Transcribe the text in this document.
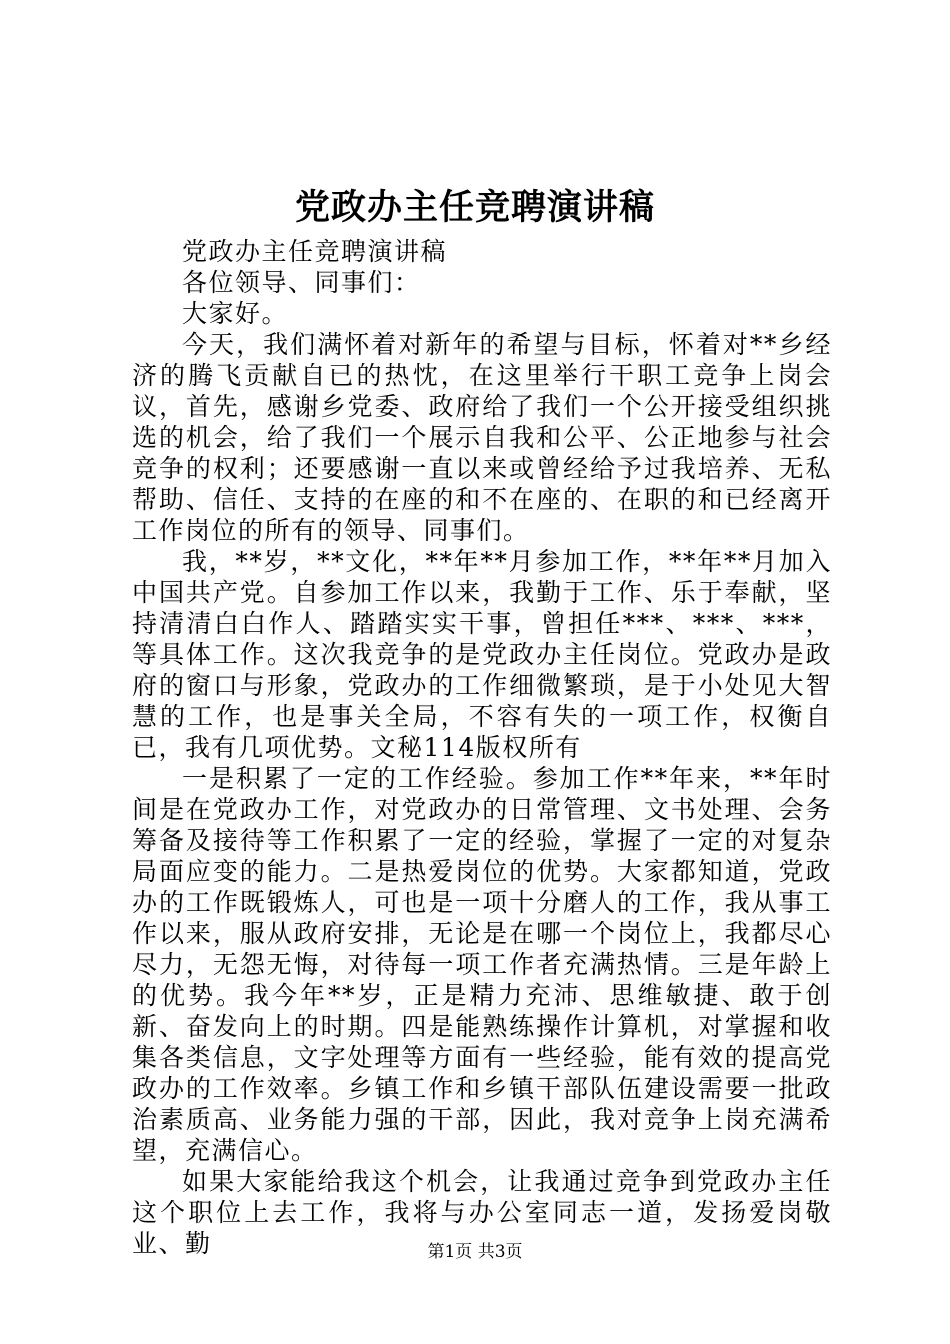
党政办主任竞聘演讲稿

党政办主任竞聘演讲稿

各位领导、同事们：

大家好。

今天，我们满怀着对新年的希望与目标，怀着对**乡经济的腾飞贡献自已的热忱，在这里举行干职工竞争上岗会议，首先，感谢乡党委、政府给了我们一个公开接受组织挑选的机会，给了我们一个展示自我和公平、公正地参与社会竞争的权利；还要感谢一直以来或曾经给予过我培养、无私帮助、信任、支持的在座的和不在座的、在职的和已经离开工作岗位的所有的领导、同事们。

我，**岁，**文化，**年**月参加工作，**年**月加入中国共产党。自参加工作以来，我勤于工作、乐于奉献，坚持清清白白作人、踏踏实实干事，曾担任***、***、***，等具体工作。这次我竞争的是党政办主任岗位。党政办是政府的窗口与形象，党政办的工作细微繁琐，是于小处见大智慧的工作，也是事关全局，不容有失的一项工作，权衡自已，我有几项优势。文秘114版权所有

一是积累了一定的工作经验。参加工作**年来，**年时间是在党政办工作，对党政办的日常管理、文书处理、会务筹备及接待等工作积累了一定的经验，掌握了一定的对复杂局面应变的能力。二是热爱岗位的优势。大家都知道，党政办的工作既锻炼人，可也是一项十分磨人的工作，我从事工作以来，服从政府安排，无论是在哪一个岗位上，我都尽心尽力，无怨无悔，对待每一项工作者充满热情。三是年龄上的优势。我今年**岁，正是精力充沛、思维敏捷、敢于创新、奋发向上的时期。四是能熟练操作计算机，对掌握和收集各类信息，文字处理等方面有一些经验，能有效的提高党政办的工作效率。乡镇工作和乡镇干部队伍建设需要一批政治素质高、业务能力强的干部，因此，我对竞争上岗充满希望，充满信心。

如果大家能给我这个机会，让我通过竞争到党政办主任这个职位上去工作，我将与办公室同志一道，发扬爱岗敬业、勤	第1页 共3页
